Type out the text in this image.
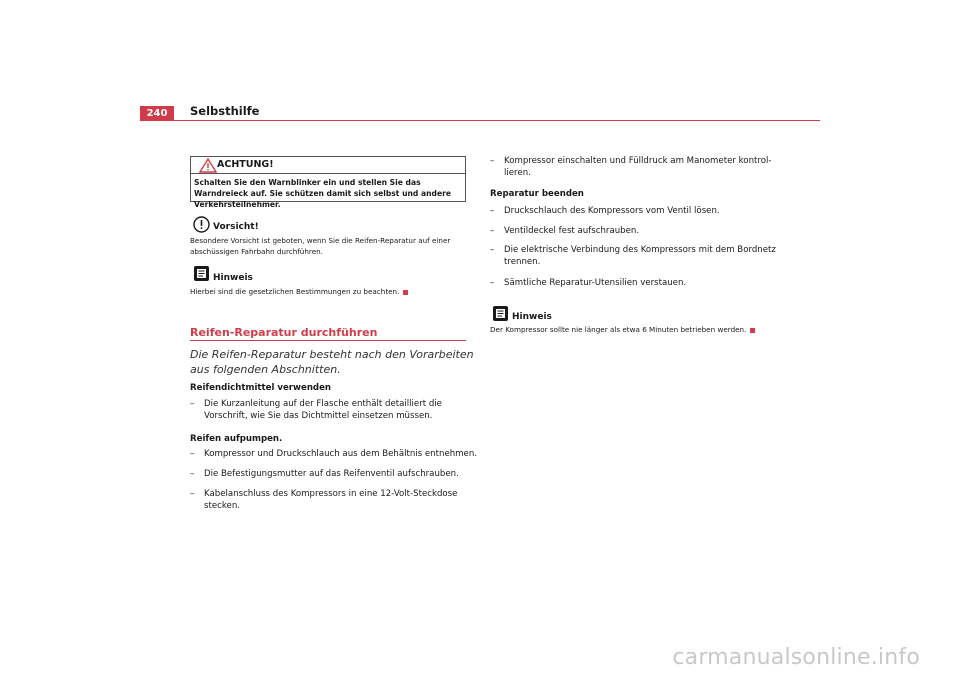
240	Selbsthilfe
ACHTUNG!
Schalten Sie den Warnblinker ein und stellen Sie das Warndreieck auf. Sie schützen damit sich selbst und andere Verkehrsteilnehmer.
Vorsicht!
Besondere Vorsicht ist geboten, wenn Sie die Reifen-Reparatur auf einer abschüssigen Fahrbahn durchführen.
Hinweis
Hierbei sind die gesetzlichen Bestimmungen zu beachten.
Reifen-Reparatur durchführen
Die Reifen-Reparatur besteht nach den Vorarbeiten aus folgenden Abschnitten.
Reifendichtmittel verwenden
– Die Kurzanleitung auf der Flasche enthält detailliert die Vorschrift, wie Sie das Dichtmittel einsetzen müssen.
Reifen aufpumpen.
– Kompressor und Druckschlauch aus dem Behältnis entnehmen.
– Die Befestigungsmutter auf das Reifenventil aufschrauben.
– Kabelanschluss des Kompressors in eine 12-Volt-Steckdose stecken.
– Kompressor einschalten und Fülldruck am Manometer kontrol-lieren.
Reparatur beenden
– Druckschlauch des Kompressors vom Ventil lösen.
– Ventildeckel fest aufschrauben.
– Die elektrische Verbindung des Kompressors mit dem Bordnetz trennen.
– Sämtliche Reparatur-Utensilien verstauen.
Hinweis
Der Kompressor sollte nie länger als etwa 6 Minuten betrieben werden.
carmanualsonline.info
